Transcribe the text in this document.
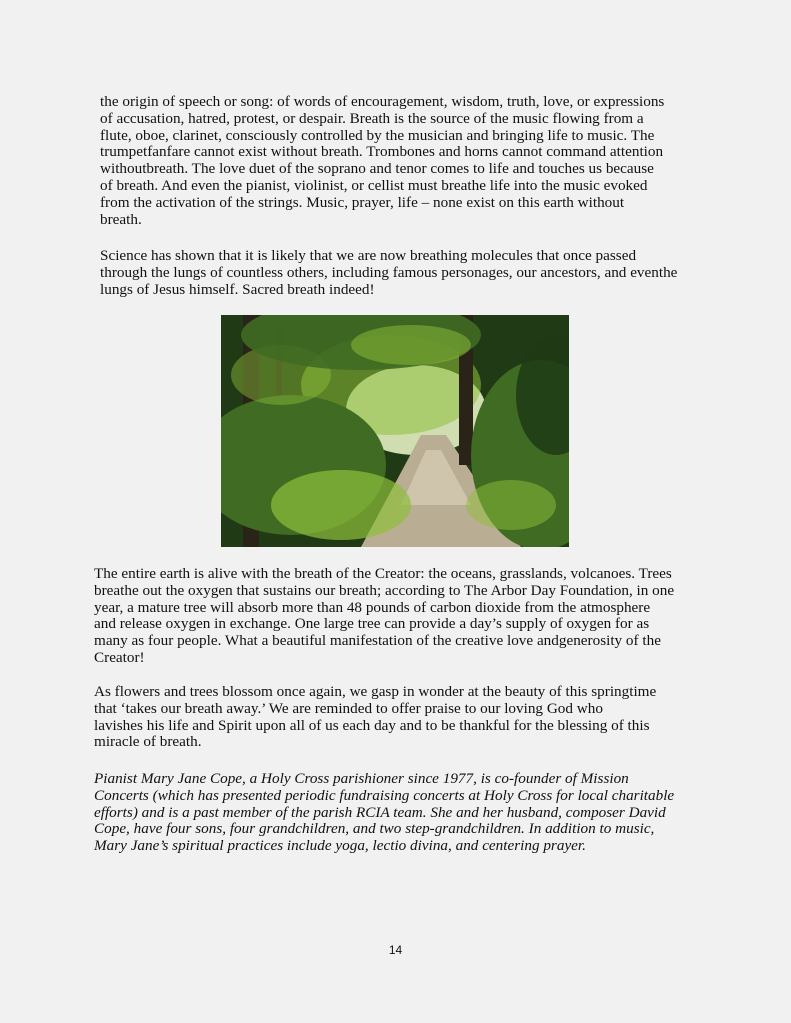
the origin of speech or song: of words of encouragement, wisdom, truth, love, or expressions
of accusation, hatred, protest, or despair. Breath is the source of the music flowing from a
flute, oboe, clarinet, consciously controlled by the musician and bringing life to music. The
trumpetfanfare cannot exist without breath. Trombones and horns cannot command attention
withoutbreath. The love duet of the soprano and tenor comes to life and touches us because
of breath. And even the pianist, violinist, or cellist must breathe life into the music evoked
from the activation of the strings. Music, prayer, life – none exist on this earth without
breath.

Science has shown that it is likely that we are now breathing molecules that once passed
through the lungs of countless others, including famous personages, our ancestors, and eventhe
lungs of Jesus himself. Sacred breath indeed!

The entire earth is alive with the breath of the Creator: the oceans, grasslands, volcanoes. Trees
breathe out the oxygen that sustains our breath; according to The Arbor Day Foundation, in one
year, a mature tree will absorb more than 48 pounds of carbon dioxide from the atmosphere
and release oxygen in exchange. One large tree can provide a day’s supply of oxygen for as
many as four people. What a beautiful manifestation of the creative love andgenerosity of the
Creator!

As flowers and trees blossom once again, we gasp in wonder at the beauty of this springtime
that ‘takes our breath away.’ We are reminded to offer praise to our loving God who
lavishes his life and Spirit upon all of us each day and to be thankful for the blessing of this
miracle of breath.

Pianist Mary Jane Cope, a Holy Cross parishioner since 1977, is co-founder of Mission
Concerts (which has presented periodic fundraising concerts at Holy Cross for local charitable
efforts) and is a past member of the parish RCIA team. She and her husband, composer David
Cope, have four sons, four grandchildren, and two step-grandchildren. In addition to music,
Mary Jane’s spiritual practices include yoga, lectio divina, and centering prayer.

14
